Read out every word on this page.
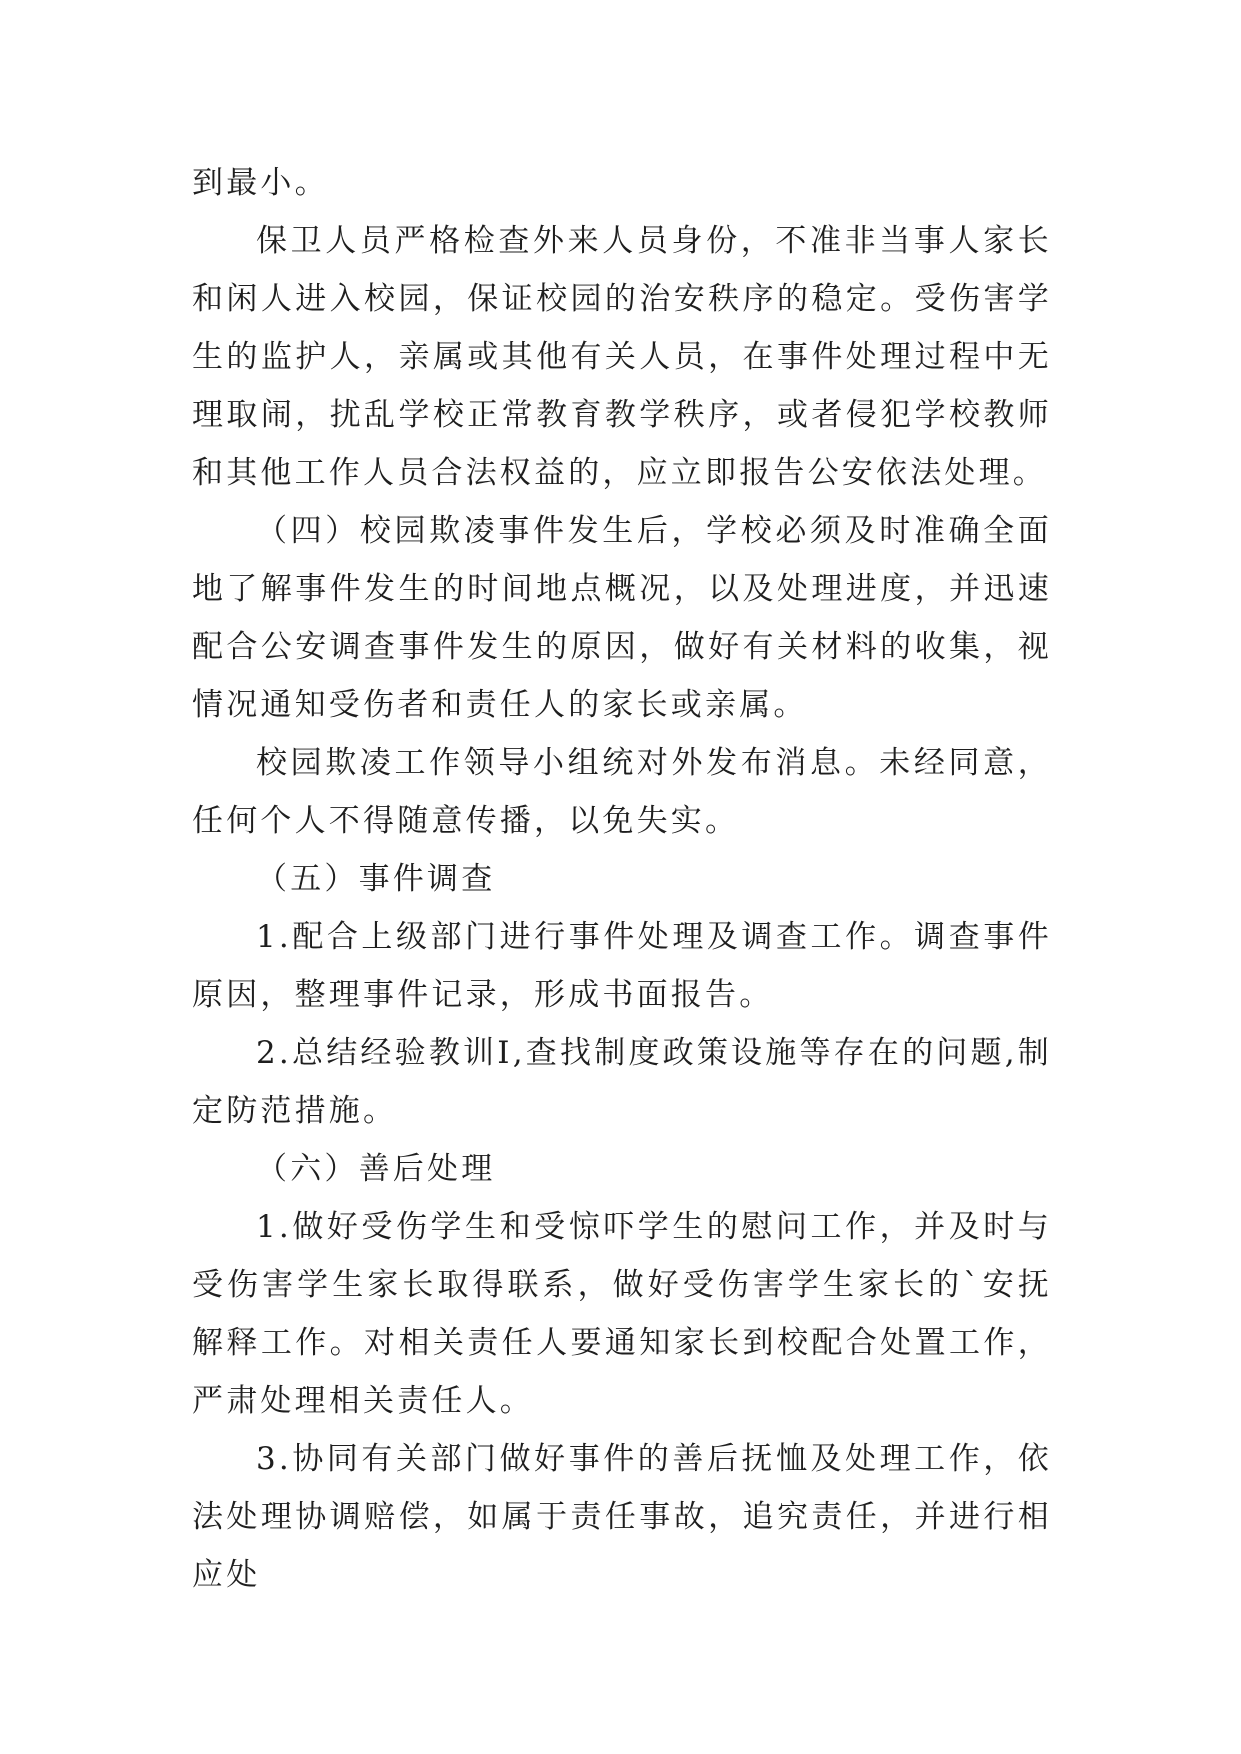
到最小。

保卫人员严格检查外来人员身份，不准非当事人家长和闲人进入校园，保证校园的治安秩序的稳定。受伤害学生的监护人，亲属或其他有关人员，在事件处理过程中无理取闹，扰乱学校正常教育教学秩序，或者侵犯学校教师和其他工作人员合法权益的，应立即报告公安依法处理。

（四）校园欺凌事件发生后，学校必须及时准确全面地了解事件发生的时间地点概况，以及处理进度，并迅速配合公安调查事件发生的原因，做好有关材料的收集，视情况通知受伤者和责任人的家长或亲属。

校园欺凌工作领导小组统对外发布消息。未经同意，任何个人不得随意传播，以免失实。

（五）事件调查

1.配合上级部门进行事件处理及调查工作。调查事件原因，整理事件记录，形成书面报告。

2.总结经验教训I,查找制度政策设施等存在的问题,制定防范措施。

（六）善后处理

1.做好受伤学生和受惊吓学生的慰问工作，并及时与受伤害学生家长取得联系，做好受伤害学生家长的`安抚解释工作。对相关责任人要通知家长到校配合处置工作，严肃处理相关责任人。

3.协同有关部门做好事件的善后抚恤及处理工作，依法处理协调赔偿，如属于责任事故，追究责任，并进行相应处
